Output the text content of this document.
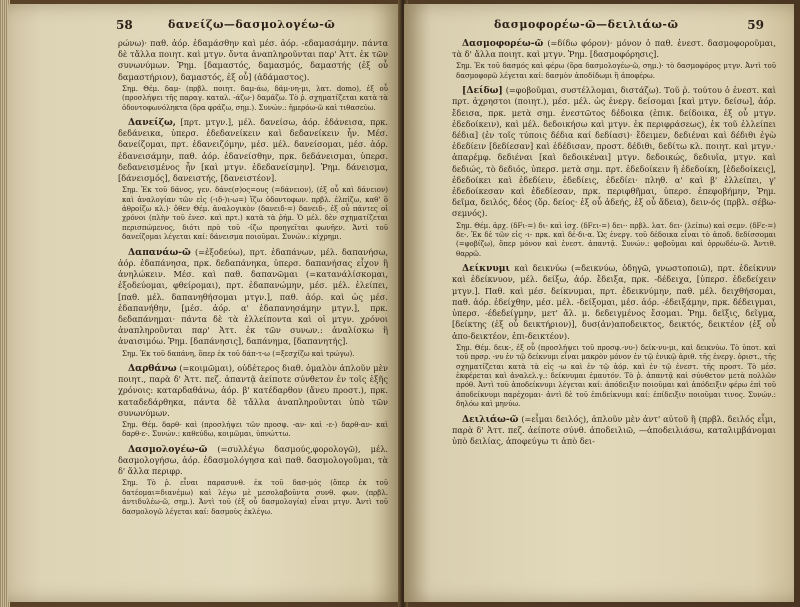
58	δανείζω—δασμολογέω-ῶ

ρώνω)· παθ. ἀόρ. ἐδαμάσθην καὶ μέσ. ἀόρ. -εδαμασάμην. πάντα δὲ τἄλλα ποιητ. καὶ μτγν. ὄντα ἀναπληροῦνται παρ' Ἀττ. ἐκ τῶν συνωνύμων. Ῥημ. [δαμαστός, δαμασμός, δαμαστής (ἐξ οὗ δαμαστήριον), δαμαστός, ἐξ οὗ] (ἀδάμαστος).

Σημ. Θέμ. δαμ- (πρβλ. ποιητ. δαμ-άω, δάμ-νη-μι, λατ. domo), ἐξ οὗ (προσλήψει τῆς παραγ. καταλ. -άζω·) δαμάζω. Τὸ ῥ. σχηματίζεται κατὰ τὰ ὀδοντοφωνόληκτα (ὅρα φράζω, σημ.). Συνών.: ἡμερόω-ῶ καὶ τιθασεύω.

Δανείζω, [πρτ. μτγν.], μέλ. δανείσω, ἀόρ. ἐδάνεισα, πρκ. δεδάνεικα, ὑπερσ. ἐδεδανείκειν καὶ δεδανείκειν ἦν. Μέσ. δανείζομαι, πρτ. ἐδανειζόμην, μέσ. μέλ. δανείσομαι, μέσ. ἀόρ. ἐδανεισάμην, παθ. ἀόρ. ἐδανείσθην, πρκ. δεδάνεισμαι, ὑπερσ. δεδανεισμένος ἦν [καὶ μτγν. ἐδεδανείσμην]. Ῥημ. δάνεισμα, [δάνεισμός], δανειστής, [δανειστέον].

Σημ. Ἐκ τοῦ δάνος, γεν. δάνε(σ)ος=ους (=δάνειον), (ἐξ οὗ καὶ δάνειον) καὶ ἀναλογίαν τῶν εἰς (-ιδ-)ι-ω=) ἵζω ὀδοντοφων. πρβλ. ἐλπίζω, καθ' ὃ ἀθροίζω κλ.)· ὅθεν Θέμ. ἀναλογικὸν (δανειδ-=) δανειδ-, ἐξ οὗ πάντες οἱ χρόνοι (πλὴν τοῦ ἐνεσ. καὶ πρτ.) κατὰ τὰ ῥήμ. Ὁ μέλ. δὲν σχηματίζεται περισπώμενος, διότι πρὸ τοῦ -ίζω προηγεῖται φωνῆεν. Ἀντὶ τοῦ δανείζομαι λέγεται καί: δάνεισμα ποιοῦμαι. Συνών.: κίχρημι.

Δαπανάω-ῶ (=ἐξοδεύω), πρτ. ἐδαπάνων, μέλ. δαπανήσω, ἀόρ. ἐδαπάνησα, πρκ. δεδαπάνηκα, ὑπερσ. δαπανήσας εἶχον ἢ ἀνηλώκειν. Μέσ. καὶ παθ. δαπανῶμαι (=κατανάλίσκομαι, ἐξοδεύομαι, φθείρομαι), πρτ. ἐδαπανώμην, μέσ. μέλ. ἐλείπει,[παθ. μέλ. δαπανηθήσομαι μτγν.], παθ. ἀόρ. καὶ ὡς μέσ. ἐδαπανήθην, [μέσ. ἀόρ. α' ἐδαπανησάμην μτγν.], πρκ. δεδαπάνημαι· πάντα δὲ τὰ ἐλλείποντα καὶ οἱ μτγν. χρόνοι ἀναπληροῦνται παρ' Ἀττ. ἐκ τῶν συνων.: ἀναλίσκω ἢ ἀναισιμόω. Ῥημ. [δαπάνησις], δαπάνημα, [δαπανητής].

Σημ. Ἐκ τοῦ δαπάνη, ὅπερ ἐκ τοῦ δάπ-τ-ω (=ξεσχίζω καὶ τρώγω).

Δαρθάνω (=κοιμῶμαι), οὐδέτερος διαθ. ὁμαλὸν ἁπλοῦν μὲν ποιητ., παρὰ δ' Ἀττ. πεζ. ἀπαντᾷ ἀείποτε σύνθετον ἐν τοῖς ἑξῆς χρόνοις: καταρδαθάνω, ἀόρ. β' κατέδαρθον (ἄνευ προστ.), πρκ. καταδεδάρθηκα, πάντα δὲ τἄλλα ἀναπληροῦνται ὑπὸ τῶν συνωνύμων.

Σημ. Θέμ. δαρθ- καὶ (προσλήψει τῶν προσφ. -αν- καὶ -ε-) δαρθ-αν- καὶ δαρθ-ε-. Συνών.: καθεύδω, κοιμῶμαι, ὑπνώττω.

Δασμολογέω-ῶ (=συλλέγω δασμούς,φορολογῶ), μέλ. δασμολογήσω, ἀόρ. ἐδασμολόγησα καὶ παθ. δασμολογοῦμαι, τὰ δ' ἄλλα περιφρ.

Σημ. Τὸ ῥ. εἶναι παρασυνθ. ἐκ τοῦ δασ-μός (ὅπερ ἐκ τοῦ δατέομαι=διανέμω) καὶ λέγω μὲ μεσολαβοῦντα συνθ. φων. (πρβλ. ἀντιδυλέω-ῶ, σημ.). Ἀντὶ τοῦ (ἐξ οὗ δασμολογία) εἶναι μτγν. Ἀντὶ τοῦ δασμολογῶ λέγεται καί: δασμοὺς ἐκλέγω.

δασμοφορέω-ῶ—δειλιάω-ῶ	59

Δασμοφορέω-ῶ (=δίδω φόρον)· μόνον ὁ παθ. ἐνεστ. δασμοφοροῦμαι, τὰ δ' ἄλλα ποιητ. καὶ μτγν. Ῥημ. [δασμοφόρησις].

Σημ. Ἐκ τοῦ δασμός καὶ φέρω (ὅρα δασμολογέω-ῶ, σημ.)· τὸ δασμοφόρος μτγν. Ἀντὶ τοῦ δασμοφορῶ λέγεται καί: δασμὸν ἀποδίδωμι ἢ ἀποφέρω.

[Δείδω] (=φοβοῦμαι, συστέλλομαι, διστάζω). Τοῦ ῥ. τούτου ὁ ἐνεστ. καὶ πρτ. ἀχρηστοι (ποιητ.), μέσ. μέλ. ὡς ἐνεργ. δείσομαι [καὶ μτγν. δείσω], ἀόρ. ἔδεισα, πρκ. μετὰ σημ. ἐνεστῶτος δέδοικα (ἐπικ. δείδοικα, ἐξ οὗ μτγν. ἐδεδοίκειν), καὶ μέλ. δεδοικήσω καὶ μτγν. ἐκ περιφράσεως), ἐκ τοῦ ἐλλείπει δέδια] (ἐν τοῖς τύποις δέδια καί δεδίασι)· ἔδειμεν, δεδιέναι καὶ δέδιθι ἐγὼ ἐδεδίειν [δεδίεσαν] καὶ ἐδέδισαν, προστ. δέδιθι, δεδίτω κλ. ποιητ. καὶ μτγν.· ἀπαρέμφ. δεδιέναι [καὶ δεδοικέναι] μτγν. δεδοικώς, δεδιυῖα, μτγν. καὶ δεδιώς, τὸ δεδιός, ὑπερσ. μετὰ σημ. πρτ. ἐδεδοίκειν ἢ ἐδεδοίκη, [ἐδεδοίκεις], ἐδεδοίκει καὶ ἐδεδίειν, ἐδεδίεις, ἐδεδίει· πληθ. α' καὶ β' ἐλλείπει, γ' ἐδεδοίκεσαν καὶ ἐδεδίεσαν, πρκ. περιφθῆμαι, ὑπερσ. ἐπεφοβήμην, Ῥημ. δεῖμα, δειλός, δέος (ὅρ. δείος· ἐξ οὗ ἀδεής, ἐξ οὗ ἄδεια), δειν-ός (πρβλ. σέβω-σεμνός).

Σημ. Θέμ. ἀρχ. (δFι-=) δι- καὶ ἰσχ. (δFει-=) δει-· πρβλ. λατ. δει- (λείπω) καὶ σεμν. (δFε-=) δε-. Ἐκ δὲ τῶν εἰς -ι- πρκ. καὶ δέ-δι-α. Ὡς ἐνεργ. τοῦ δέδοικα εἶναι τὸ ἀποδ. δεδίσσομαι (=φοβίζω), ὅπερ μόνον καὶ ἐνεστ. ἀπαντᾷ. Συνών.: φοβοῦμαι καὶ ὀρρωδέω-ῶ. Ἀντιθ. θαρρῶ.

Δείκνυμι καὶ δεικνύω (=δεικνύω, ὁδηγῶ, γνωστοποιῶ), πρτ. ἐδείκνυν καὶ ἐδείκνυον, μέλ. δείξω, ἀόρ. ἔδειξα, πρκ. -δέδειχα, [ὑπερσ. ἐδεδείχειν μτγν.]. Παθ. καὶ μέσ. δείκνυμαι, πρτ. ἐδεικνύμην, παθ. μέλ. δειχθήσομαι, παθ. ἀόρ. ἐδείχθην, μέσ. μέλ. -δείξομαι, μέσ. ἀόρ. -έδειξάμην, πρκ. δέδειγμαι, ὑπερσ. -έδεδείγμην, μετ' ἄλ. μ. δεδειγμένος ἔσομαι. Ῥημ. δεῖξις, δεῖγμα, [δείκτης (ἐξ οὗ δεικτήριον)], δυσ(ἀν)αποδεικτος, δεικτός, δεικτέον (ἐξ οὗ ἀπο-δεικτέον, ἐπι-δεικτέον).

Σημ. Θέμ. δεικ-, ἐξ οὗ (προσλήψει τοῦ προσφ.-νυ-) δείκ-νυ-μι, καὶ δεικνύω. Τὸ ὑποτ. καὶ τοῦ πρσρ. -νυ ἐν τῷ δείκνυμι εἶναι μακρὸν μόνον ἐν τῷ ἐνικῷ ἀριθ. τῆς ἐνεργ. ὁριστ., τῆς σχηματίζεται κατὰ τὰ εἰς -ω καὶ ἐν τῷ ἀόρ. καὶ ἐν τῷ ἐνεστ. τῆς προστ. Τὸ μέσ. ἐκφέρεται καὶ ἀναλελ.γ.: δείκνυμαι ἐμαυτόν. Τὸ ῥ. ἀπαντᾷ καὶ σύνθετον μετὰ πολλῶν πρόθ. Ἀντὶ τοῦ ἀποδείκνυμι λέγεται καί: ἀπόδειξιν ποιοῦμαι καὶ ἀπόδειξιν φέρω ἐπὶ τοῦ ἀποδείκνυμι παρέχομαι· ἀντὶ δὲ τοῦ ἐπιδείκνυμι καί: ἐπίδειξιν ποιοῦμαι τινος. Συνών.: δηλόω καὶ μηνύω.

Δειλιάω-ῶ (=εἶμαι δειλός), ἁπλοῦν μὲν ἀντ' αὐτοῦ ἢ (πρβλ. δειλός εἶμι, παρὰ δ' Ἀττ. πεζ. ἀείποτε σύνθ. ἀποδειλιῶ, —ἀποδειλιάσω, καταλιμβάνομαι ὑπὸ δειλίας, ἀποφεύγω τι ἀπὸ δει-
